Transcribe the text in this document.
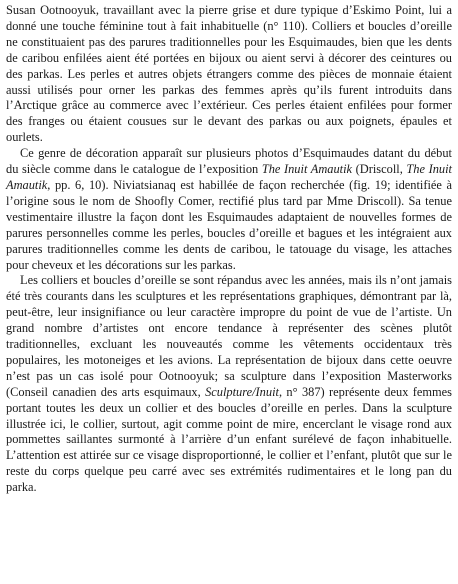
Susan Ootnooyuk, travaillant avec la pierre grise et dure typique d’Eskimo Point, lui a donné une touche féminine tout à fait inhabituelle (n° 110). Colliers et boucles d’oreille ne constituaient pas des parures traditionnelles pour les Esquimaudes, bien que les dents de caribou enfilées aient été portées en bijoux ou aient servi à décorer des ceintures ou des parkas. Les perles et autres objets étrangers comme des pièces de monnaie étaient aussi utilisés pour orner les parkas des femmes après qu’ils furent introduits dans l’Arctique grâce au commerce avec l’extérieur. Ces perles étaient enfilées pour former des franges ou étaient cousues sur le devant des parkas ou aux poignets, épaules et ourlets.

Ce genre de décoration apparaît sur plusieurs photos d’Esquimaudes datant du début du siècle comme dans le catalogue de l’exposition The Inuit Amautik (Driscoll, The Inuit Amautik, pp. 6, 10). Niviatsianaq est habillée de façon recherchée (fig. 19; identifiée à l’origine sous le nom de Shoofly Comer, rectifié plus tard par Mme Driscoll). Sa tenue vestimentaire illustre la façon dont les Esquimaudes adaptaient de nouvelles formes de parures personnelles comme les perles, boucles d’oreille et bagues et les intégraient aux parures traditionnelles comme les dents de caribou, le tatouage du visage, les attaches pour cheveux et les décorations sur les parkas.

Les colliers et boucles d’oreille se sont répandus avec les années, mais ils n’ont jamais été très courants dans les sculptures et les représentations graphiques, démontrant par là, peut-être, leur insignifiance ou leur caractère impropre du point de vue de l’artiste. Un grand nombre d’artistes ont encore tendance à représenter des scènes plutôt traditionnelles, excluant les nouveautés comme les vêtements occidentaux très populaires, les motoneiges et les avions. La représentation de bijoux dans cette oeuvre n’est pas un cas isolé pour Ootnooyuk; sa sculpture dans l’exposition Masterworks (Conseil canadien des arts esquimaux, Sculpture/Inuit, n° 387) représente deux femmes portant toutes les deux un collier et des boucles d’oreille en perles. Dans la sculpture illustrée ici, le collier, surtout, agit comme point de mire, encerclant le visage rond aux pommettes saillantes surmonté à l’arrière d’un enfant surélevé de façon inhabituelle. L’attention est attirée sur ce visage disproportionné, le collier et l’enfant, plutôt que sur le reste du corps quelque peu carré avec ses extrémités rudimentaires et le long pan du parka.
